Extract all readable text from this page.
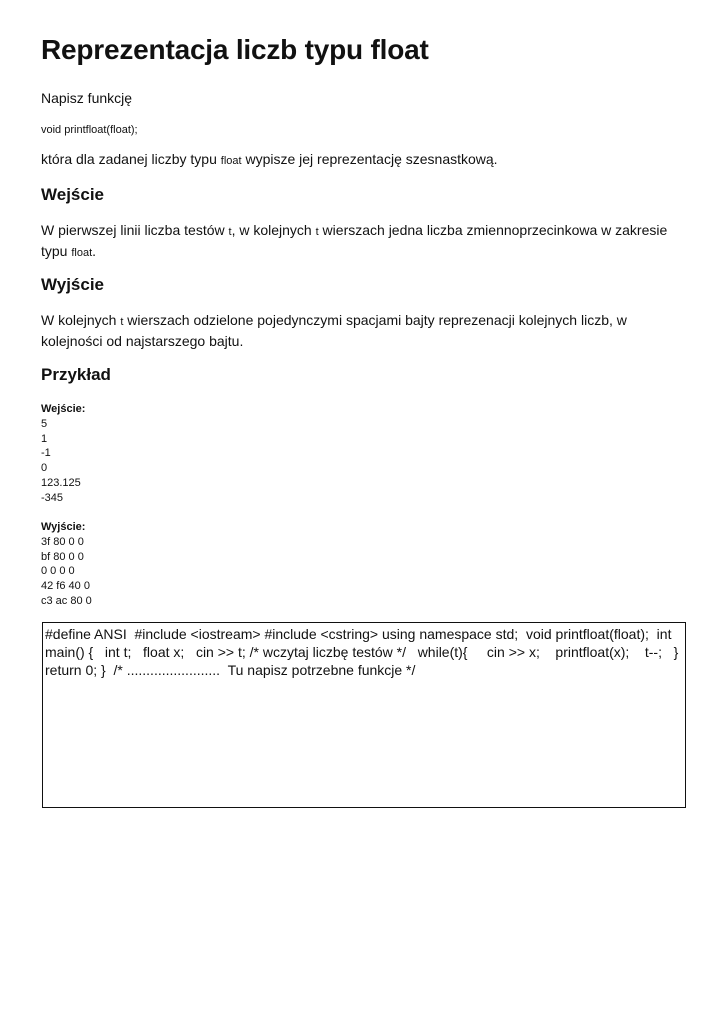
Reprezentacja liczb typu float

Napisz funkcję

void printfloat(float);

która dla zadanej liczby typu float wypisze jej reprezentację szesnastkową.

Wejście

W pierwszej linii liczba testów t, w kolejnych t wierszach jedna liczba zmiennoprzecinkowa w zakresie typu float.

Wyjście

W kolejnych t wierszach odzielone pojedynczymi spacjami bajty reprezenacji kolejnych liczb, w kolejności od najstarszego bajtu.

Przykład
Wejście:
5
1
-1
0
123.125
-345
Wyjście:
3f 80 0 0
bf 80 0 0
0 0 0 0
42 f6 40 0
c3 ac 80 0
#define ANSI  #include <iostream> #include <cstring> using namespace std;  void printfloat(float);  int main() {   int t;   float x;   cin >> t; /* wczytaj liczbę testów */   while(t){     cin >> x;    printfloat(x);    t--;   }   return 0; }  /* ........................  Tu napisz potrzebne funkcje */
